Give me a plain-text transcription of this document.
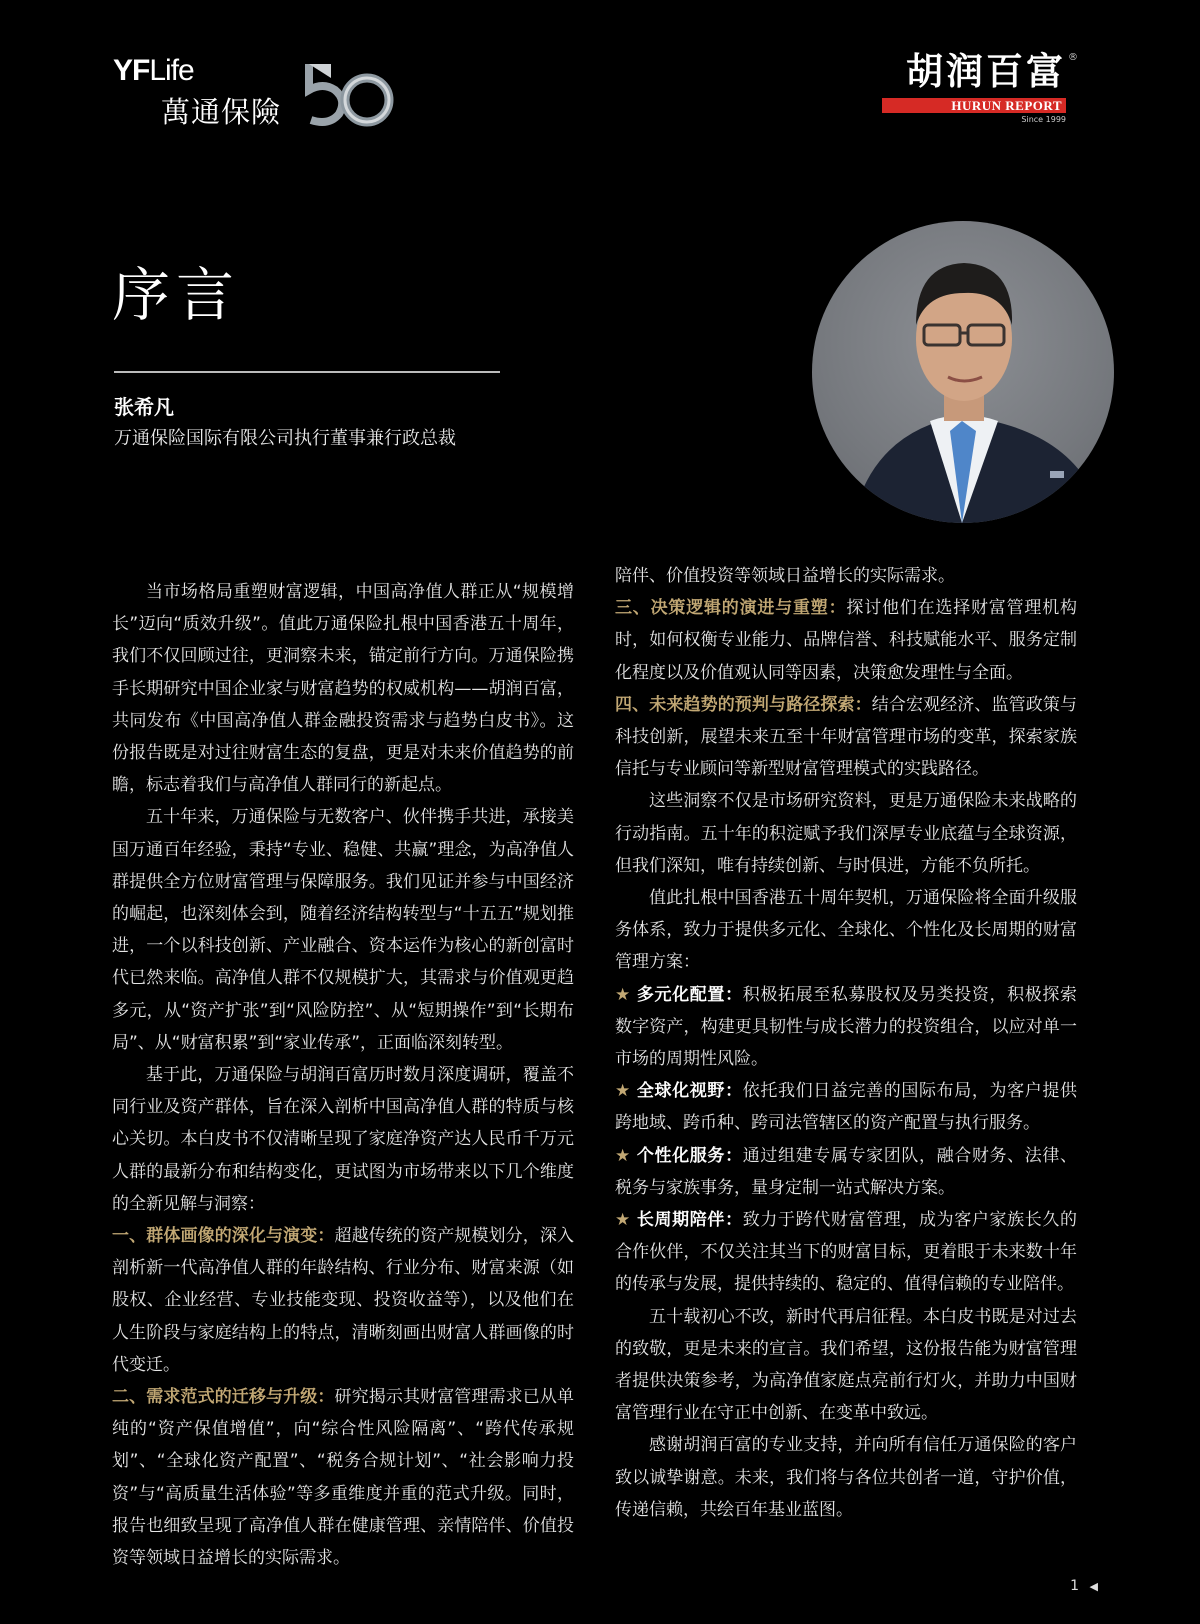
YFLife
萬通保險
胡润百富 ®
HURUN REPORT
Since 1999
序言
张希凡
万通保险国际有限公司执行董事兼行政总裁

当市场格局重塑财富逻辑，中国高净值人群正从“规模增长”迈向“质效升级”。值此万通保险扎根中国香港五十周年，我们不仅回顾过往，更洞察未来，锚定前行方向。万通保险携手长期研究中国企业家与财富趋势的权威机构——胡润百富，共同发布《中国高净值人群金融投资需求与趋势白皮书》。这份报告既是对过往财富生态的复盘，更是对未来价值趋势的前瞻，标志着我们与高净值人群同行的新起点。

五十年来，万通保险与无数客户、伙伴携手共进，承接美国万通百年经验，秉持“专业、稳健、共赢”理念，为高净值人群提供全方位财富管理与保障服务。我们见证并参与中国经济的崛起，也深刻体会到，随着经济结构转型与“十五五”规划推进，一个以科技创新、产业融合、资本运作为核心的新创富时代已然来临。高净值人群不仅规模扩大，其需求与价值观更趋多元，从“资产扩张”到“风险防控”、从“短期操作”到“长期布局”、从“财富积累”到“家业传承”，正面临深刻转型。

基于此，万通保险与胡润百富历时数月深度调研，覆盖不同行业及资产群体，旨在深入剖析中国高净值人群的特质与核心关切。本白皮书不仅清晰呈现了家庭净资产达人民币千万元人群的最新分布和结构变化，更试图为市场带来以下几个维度的全新见解与洞察：

一、群体画像的深化与演变：超越传统的资产规模划分，深入剖析新一代高净值人群的年龄结构、行业分布、财富来源（如股权、企业经营、专业技能变现、投资收益等），以及他们在人生阶段与家庭结构上的特点，清晰刻画出财富人群画像的时代变迁。

二、需求范式的迁移与升级：研究揭示其财富管理需求已从单纯的“资产保值增值”，向“综合性风险隔离”、“跨代传承规划”、“全球化资产配置”、“税务合规计划”、“社会影响力投资”与“高质量生活体验”等多重维度并重的范式升级。同时，报告也细致呈现了高净值人群在健康管理、亲情陪伴、价值投资等领域日益增长的实际需求。

陪伴、价值投资等领域日益增长的实际需求。

三、决策逻辑的演进与重塑：探讨他们在选择财富管理机构时，如何权衡专业能力、品牌信誉、科技赋能水平、服务定制化程度以及价值观认同等因素，决策愈发理性与全面。

四、未来趋势的预判与路径探索：结合宏观经济、监管政策与科技创新，展望未来五至十年财富管理市场的变革，探索家族信托与专业顾问等新型财富管理模式的实践路径。

这些洞察不仅是市场研究资料，更是万通保险未来战略的行动指南。五十年的积淀赋予我们深厚专业底蕴与全球资源，但我们深知，唯有持续创新、与时俱进，方能不负所托。

值此扎根中国香港五十周年契机，万通保险将全面升级服务体系，致力于提供多元化、全球化、个性化及长周期的财富管理方案：

★ 多元化配置：积极拓展至私募股权及另类投资，积极探索数字资产，构建更具韧性与成长潜力的投资组合，以应对单一市场的周期性风险。

★ 全球化视野：依托我们日益完善的国际布局，为客户提供跨地域、跨币种、跨司法管辖区的资产配置与执行服务。

★ 个性化服务：通过组建专属专家团队，融合财务、法律、税务与家族事务，量身定制一站式解决方案。

★ 长周期陪伴：致力于跨代财富管理，成为客户家族长久的合作伙伴，不仅关注其当下的财富目标，更着眼于未来数十年的传承与发展，提供持续的、稳定的、值得信赖的专业陪伴。

五十载初心不改，新时代再启征程。本白皮书既是对过去的致敬，更是未来的宣言。我们希望，这份报告能为财富管理者提供决策参考，为高净值家庭点亮前行灯火，并助力中国财富管理行业在守正中创新、在变革中致远。

感谢胡润百富的专业支持，并向所有信任万通保险的客户致以诚挚谢意。未来，我们将与各位共创者一道，守护价值，传递信赖，共绘百年基业蓝图。

1 ◀
